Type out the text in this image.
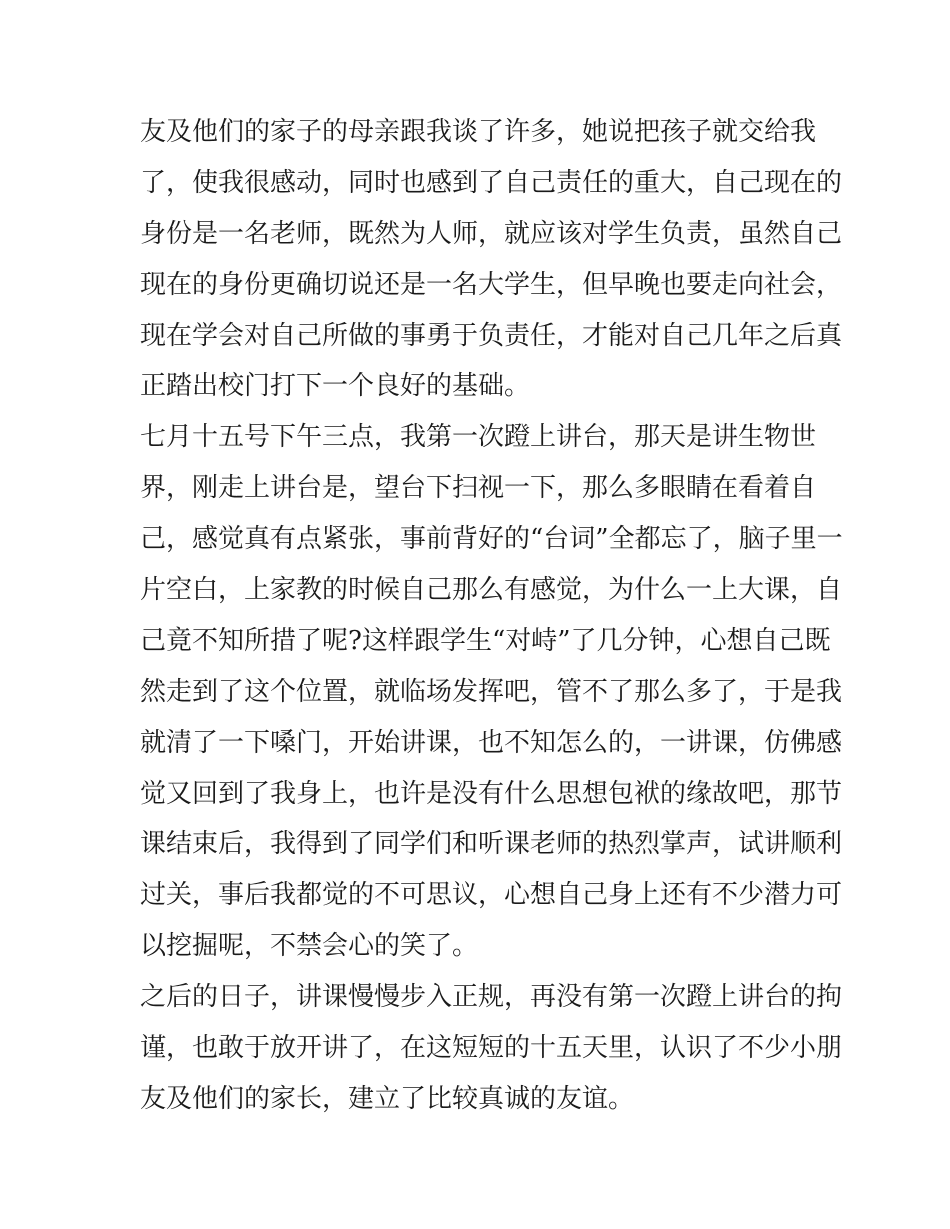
友及他们的家子的母亲跟我谈了许多，她说把孩子就交给我
了，使我很感动，同时也感到了自己责任的重大，自己现在的
身份是一名老师，既然为人师，就应该对学生负责，虽然自己
现在的身份更确切说还是一名大学生，但早晚也要走向社会，
现在学会对自己所做的事勇于负责任，才能对自己几年之后真
正踏出校门打下一个良好的基础。
七月十五号下午三点，我第一次蹬上讲台，那天是讲生物世
界，刚走上讲台是，望台下扫视一下，那么多眼睛在看着自
己，感觉真有点紧张，事前背好的“台词”全都忘了，脑子里一
片空白，上家教的时候自己那么有感觉，为什么一上大课，自
己竟不知所措了呢?这样跟学生“对峙”了几分钟，心想自己既
然走到了这个位置，就临场发挥吧，管不了那么多了，于是我
就清了一下嗓门，开始讲课，也不知怎么的，一讲课，仿佛感
觉又回到了我身上，也许是没有什么思想包袱的缘故吧，那节
课结束后，我得到了同学们和听课老师的热烈掌声，试讲顺利
过关，事后我都觉的不可思议，心想自己身上还有不少潜力可
以挖掘呢，不禁会心的笑了。
之后的日子，讲课慢慢步入正规，再没有第一次蹬上讲台的拘
谨，也敢于放开讲了，在这短短的十五天里，认识了不少小朋
友及他们的家长，建立了比较真诚的友谊。
